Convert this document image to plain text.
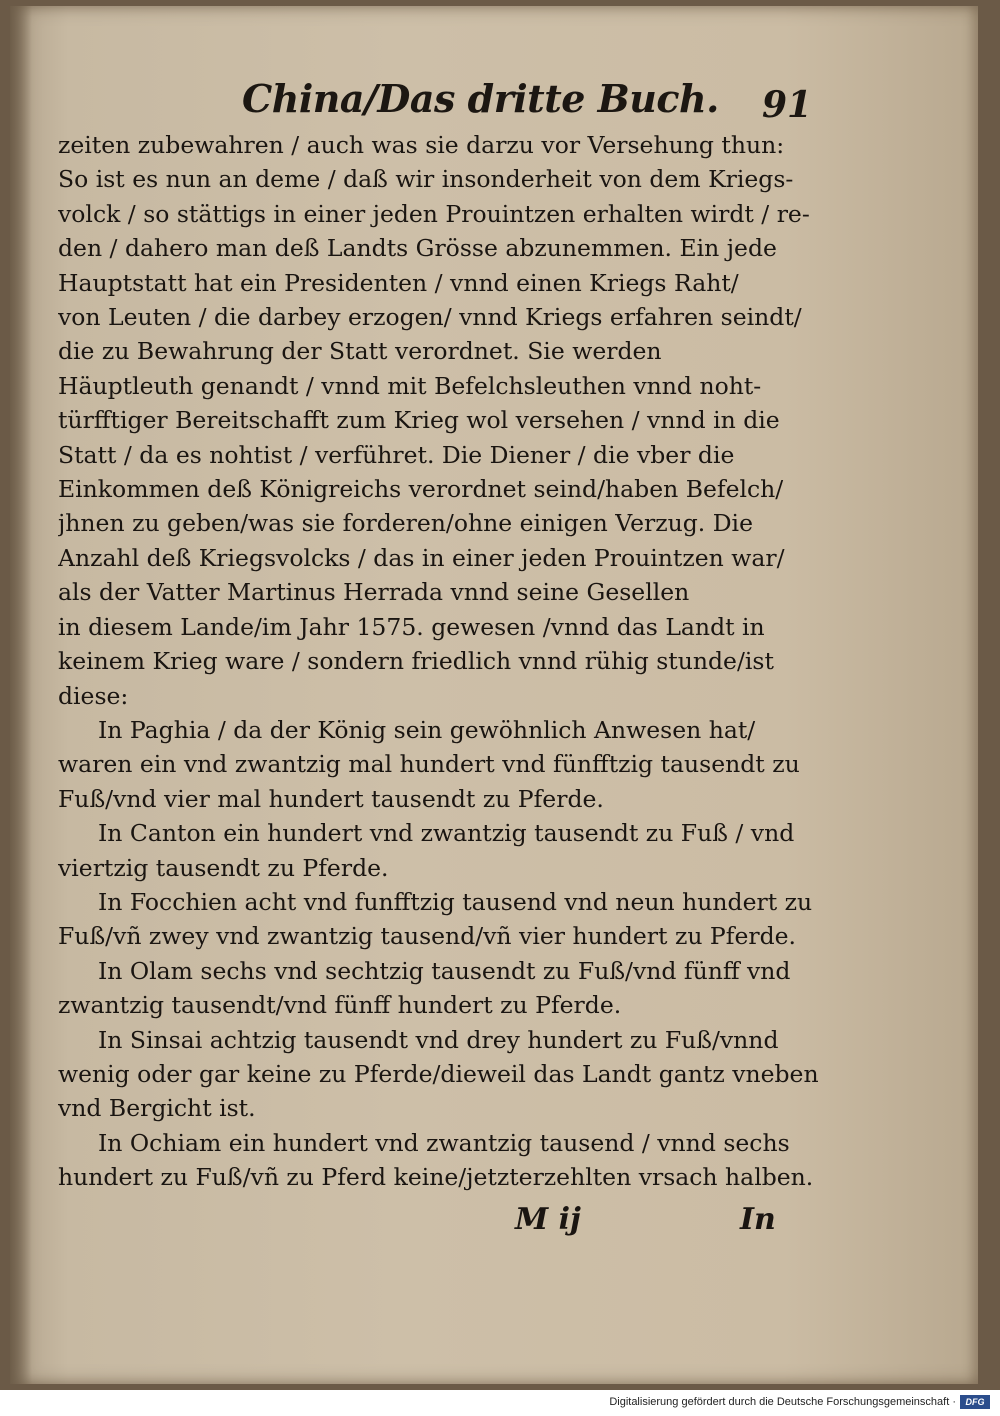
China/Das dritte Buch. 91
zeiten zubewahren / auch was sie darzu vor Versehung thun:
So ist es nun an deme / daß wir insonderheit von dem Kriegs-
volck / so stättigs in einer jeden Prouintzen erhalten wirdt / re-
den / dahero man deß Landts Grösse abzunemmen. Ein jede
Hauptstatt hat ein Presidenten / vnnd einen Kriegs Raht/
von Leuten / die darbey erzogen/ vnnd Kriegs erfahren seindt/
die zu Bewahrung der Statt verordnet. Sie werden
Häuptleuth genandt / vnnd mit Befelchsleuthen vnnd noht-
türfftiger Bereitschafft zum Krieg wol versehen / vnnd in die
Statt / da es nohtist / verführet. Die Diener / die vber die
Einkommen deß Königreichs verordnet seind/haben Befelch/
jhnen zu geben/was sie forderen/ohne einigen Verzug. Die
Anzahl deß Kriegsvolcks / das in einer jeden Prouintzen war/
als der Vatter Martinus Herrada vnnd seine Gesellen
in diesem Lande/im Jahr 1575. gewesen /vnnd das Landt in
keinem Krieg ware / sondern friedlich vnnd rühig stunde/ist
diese:
In Paghia / da der König sein gewöhnlich Anwesen hat/
waren ein vnd zwantzig mal hundert vnd fünfftzig tausendt zu
Fuß/vnd vier mal hundert tausendt zu Pferde.
In Canton ein hundert vnd zwantzig tausendt zu Fuß / vnd
viertzig tausendt zu Pferde.
In Focchien acht vnd funfftzig tausend vnd neun hundert zu
Fuß/vñ zwey vnd zwantzig tausend/vñ vier hundert zu Pferde.
In Olam sechs vnd sechtzig tausendt zu Fuß/vnd fünff vnd
zwantzig tausendt/vnd fünff hundert zu Pferde.
In Sinsai achtzig tausendt vnd drey hundert zu Fuß/vnnd
wenig oder gar keine zu Pferde/dieweil das Landt gantz vneben
vnd Bergicht ist.
In Ochiam ein hundert vnd zwantzig tausend / vnnd sechs
hundert zu Fuß/vñ zu Pferd keine/jetzterzehlten vrsach halben.
M ij	In
Digitalisierung gefördert durch die Deutsche Forschungsgemeinschaft ·	DFG
